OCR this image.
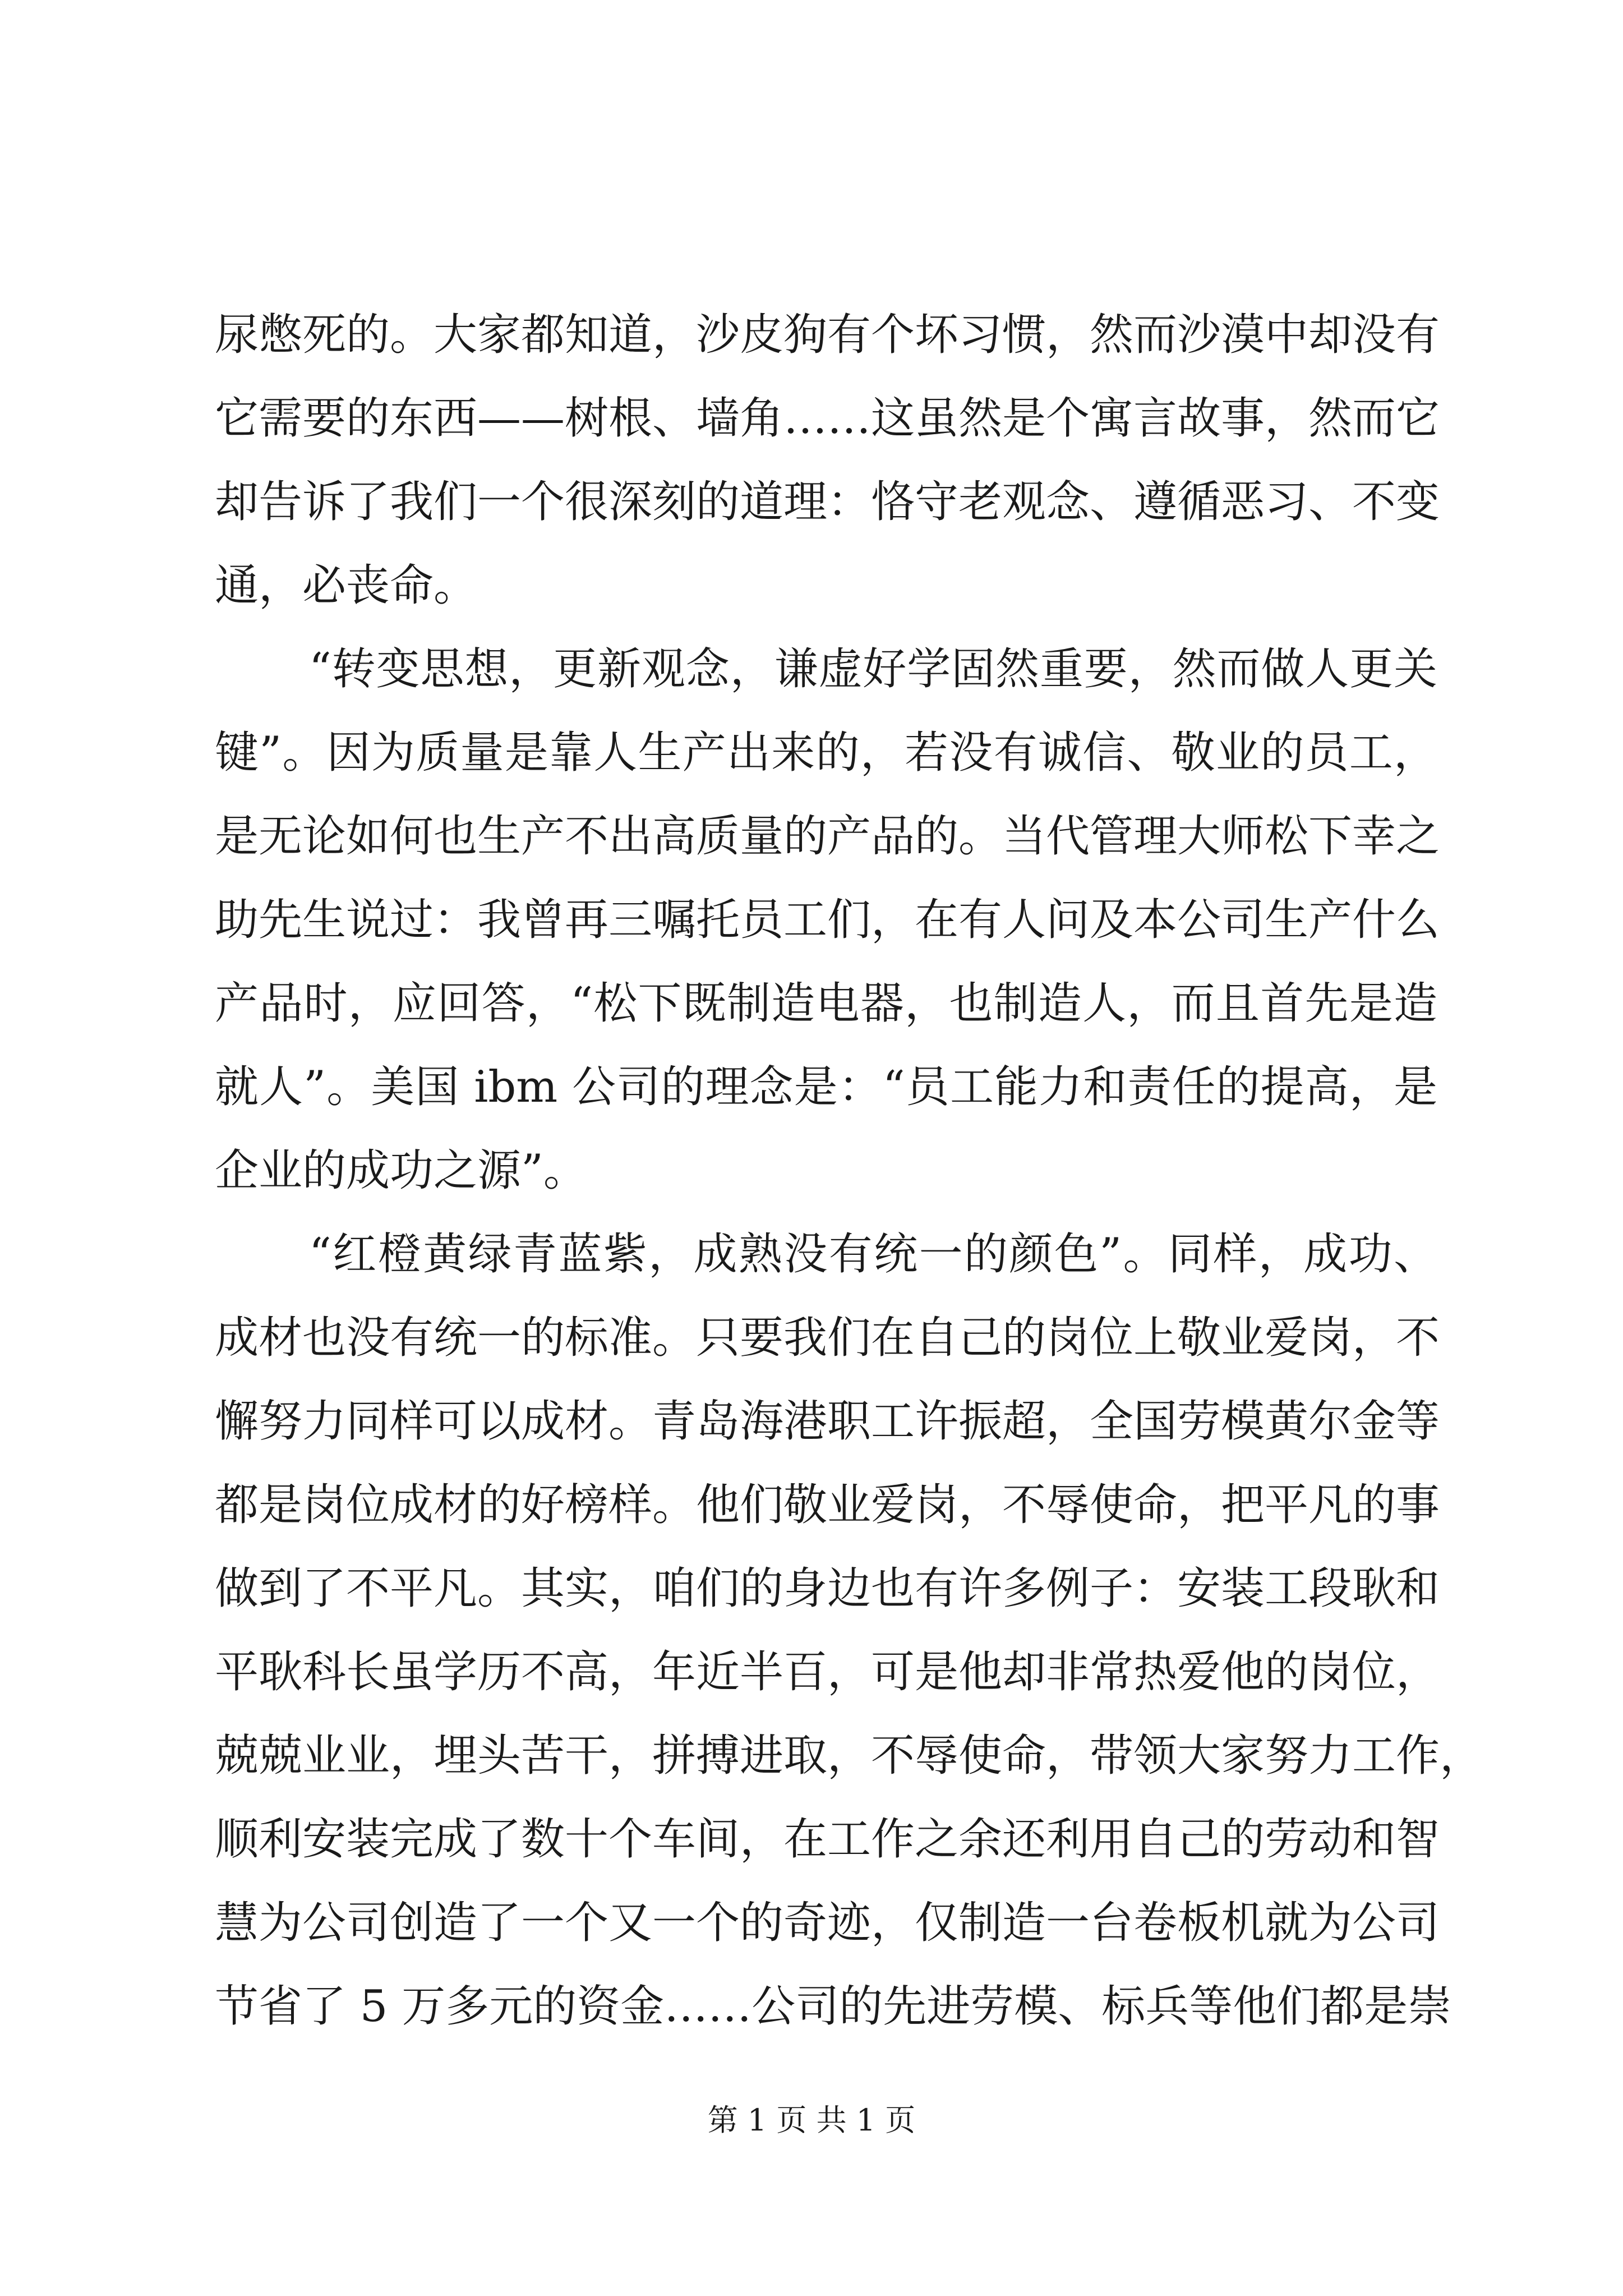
尿憋死的。大家都知道，沙皮狗有个坏习惯，然而沙漠中却没有
它需要的东西——树根、墙角……这虽然是个寓言故事，然而它
却告诉了我们一个很深刻的道理：恪守老观念、遵循恶习、不变
通，必丧命。
“转变思想，更新观念，谦虚好学固然重要，然而做人更关
键”。因为质量是靠人生产出来的，若没有诚信、敬业的员工，
是无论如何也生产不出高质量的产品的。当代管理大师松下幸之
助先生说过：我曾再三嘱托员工们，在有人问及本公司生产什么
产品时，应回答，“松下既制造电器，也制造人，而且首先是造
就人”。美国 ibm 公司的理念是：“员工能力和责任的提高，是
企业的成功之源”。
“红橙黄绿青蓝紫，成熟没有统一的颜色”。同样，成功、
成材也没有统一的标准。只要我们在自己的岗位上敬业爱岗，不
懈努力同样可以成材。青岛海港职工许振超，全国劳模黄尔金等
都是岗位成材的好榜样。他们敬业爱岗，不辱使命，把平凡的事
做到了不平凡。其实，咱们的身边也有许多例子：安装工段耿和
平耿科长虽学历不高，年近半百，可是他却非常热爱他的岗位，
兢兢业业，埋头苦干，拼搏进取，不辱使命，带领大家努力工作，
顺利安装完成了数十个车间，在工作之余还利用自己的劳动和智
慧为公司创造了一个又一个的奇迹，仅制造一台卷板机就为公司
节省了 5 万多元的资金……公司的先进劳模、标兵等他们都是崇
第 1 页 共 1 页
